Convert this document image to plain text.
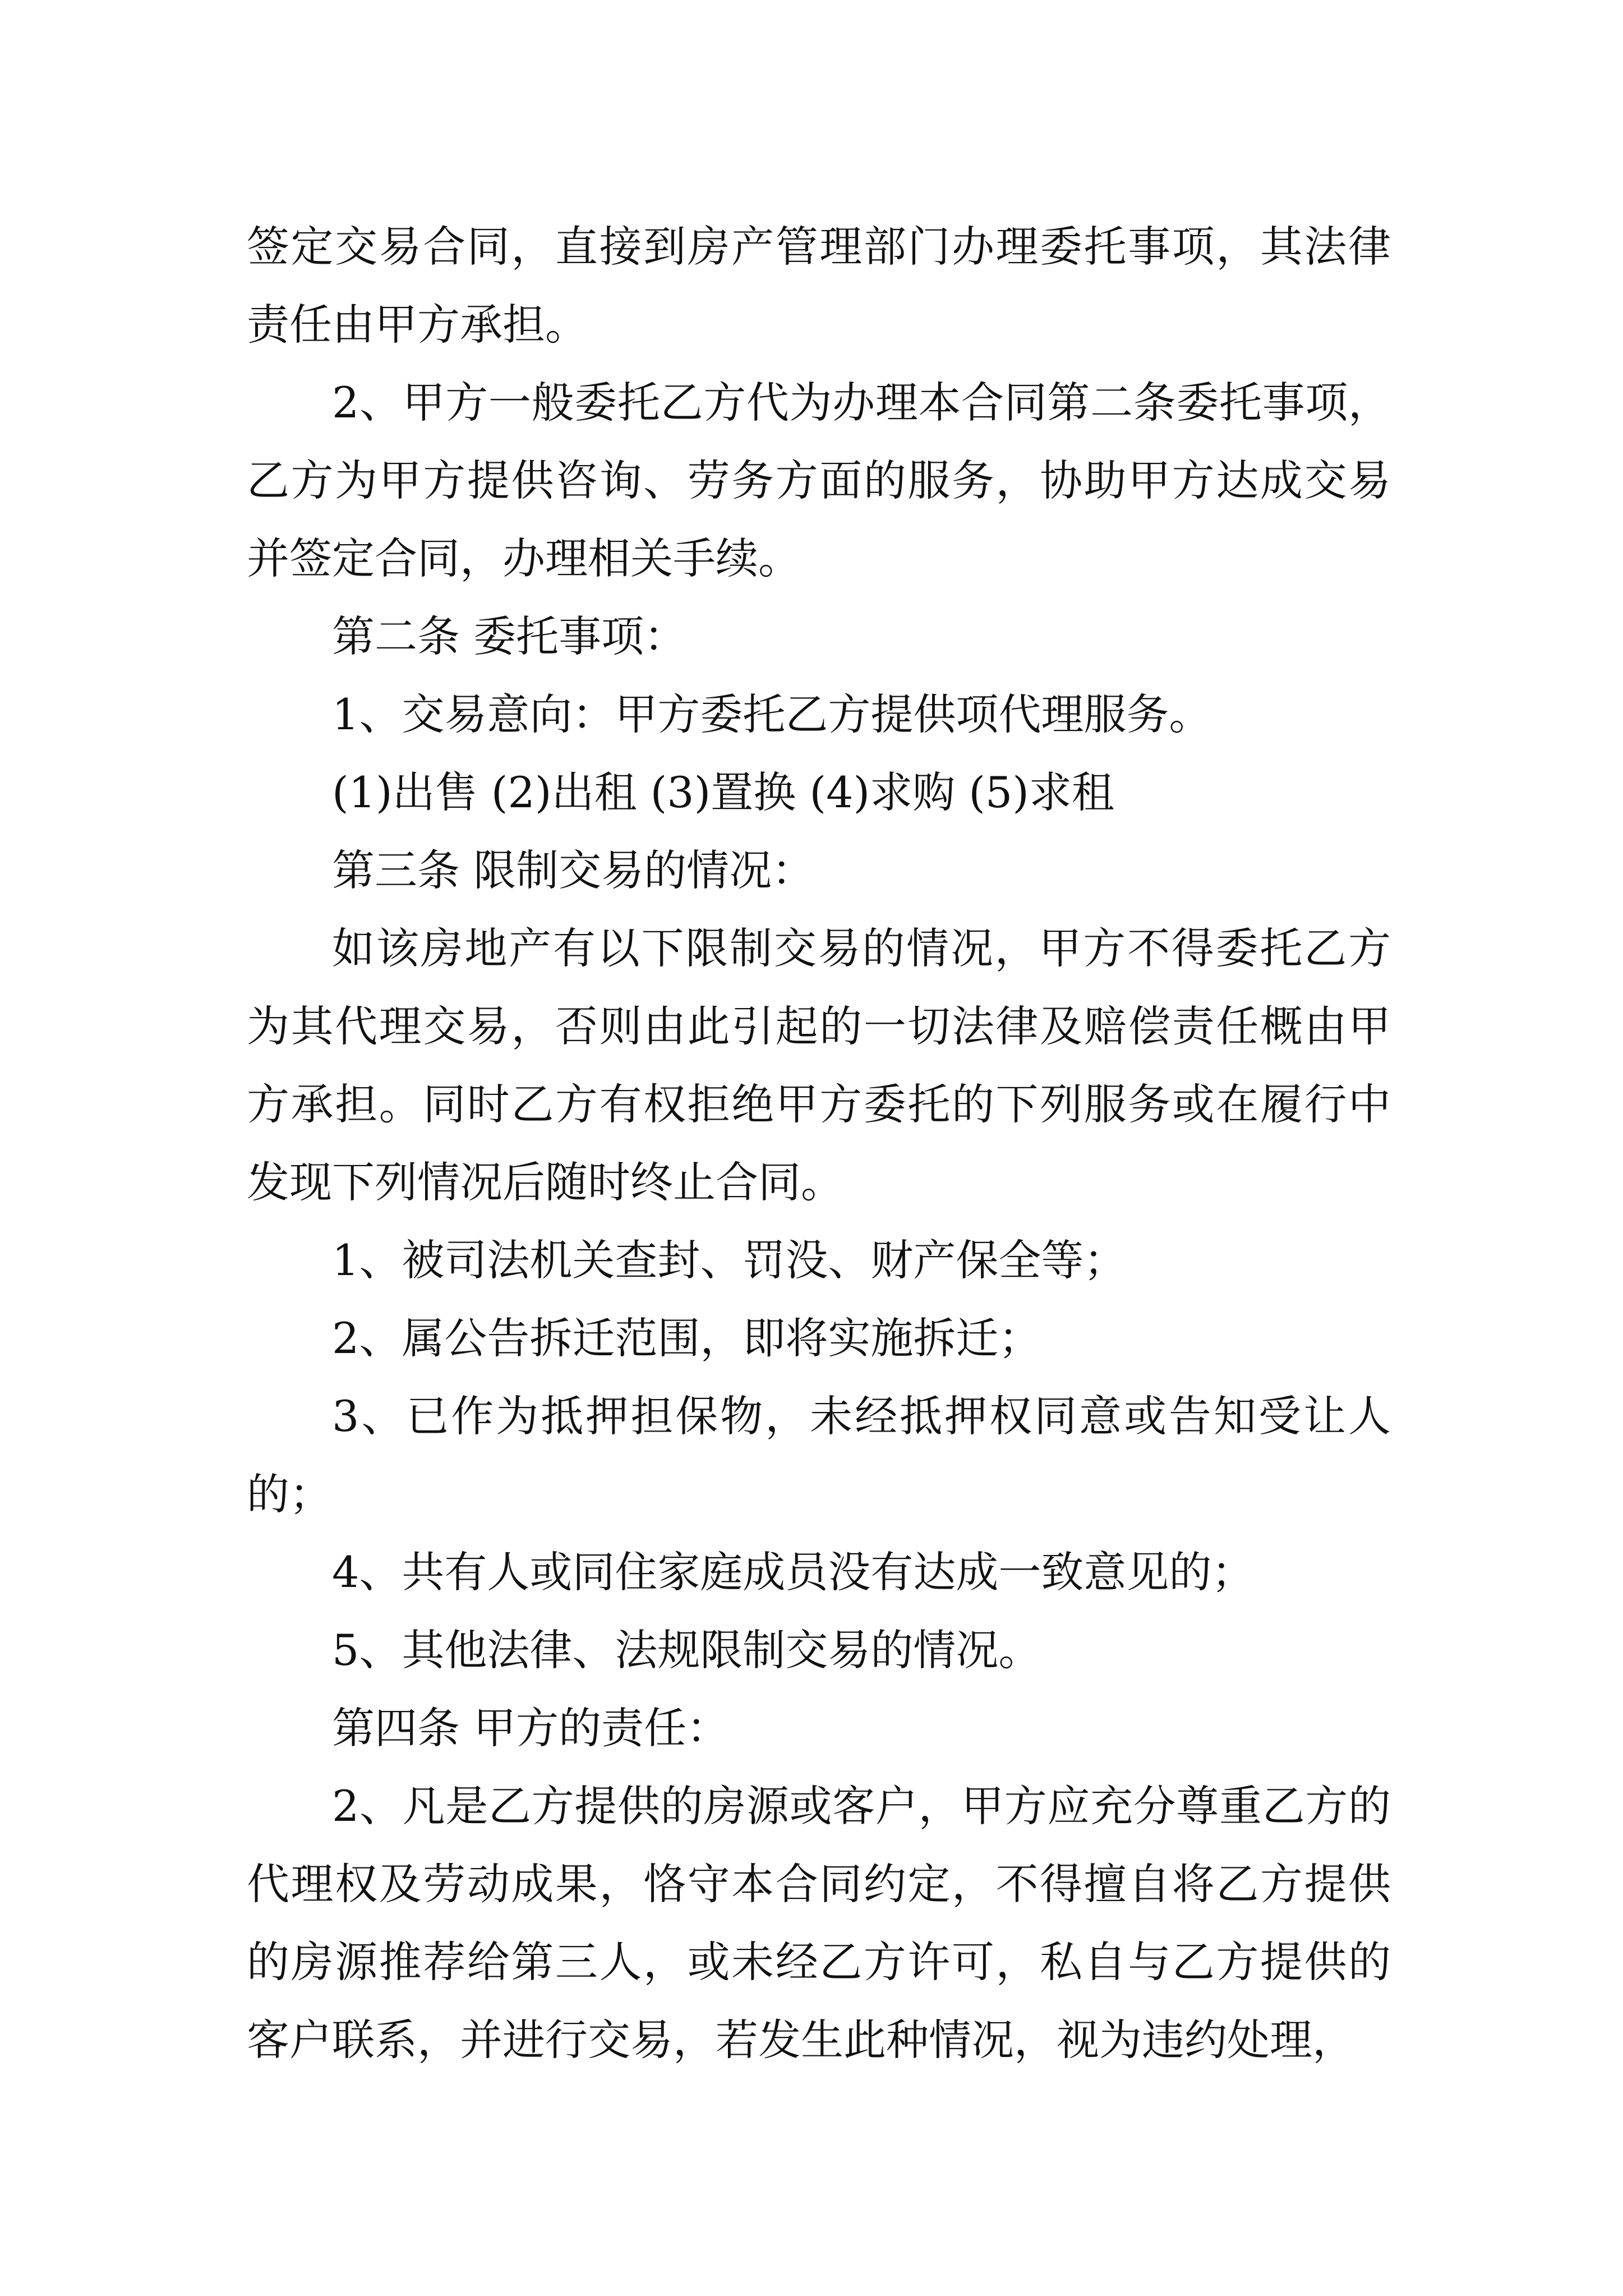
签定交易合同，直接到房产管理部门办理委托事项，其法律责任由甲方承担。

2、甲方一般委托乙方代为办理本合同第二条委托事项，乙方为甲方提供咨询、劳务方面的服务，协助甲方达成交易并签定合同，办理相关手续。

第二条 委托事项：

1、交易意向：甲方委托乙方提供项代理服务。

(1)出售 (2)出租 (3)置换 (4)求购 (5)求租

第三条 限制交易的情况：

如该房地产有以下限制交易的情况，甲方不得委托乙方为其代理交易，否则由此引起的一切法律及赔偿责任概由甲方承担。同时乙方有权拒绝甲方委托的下列服务或在履行中发现下列情况后随时终止合同。

1、被司法机关查封、罚没、财产保全等；

2、属公告拆迁范围，即将实施拆迁；

3、已作为抵押担保物，未经抵押权同意或告知受让人的；

4、共有人或同住家庭成员没有达成一致意见的；

5、其他法律、法规限制交易的情况。

第四条 甲方的责任：

2、凡是乙方提供的房源或客户，甲方应充分尊重乙方的代理权及劳动成果，恪守本合同约定，不得擅自将乙方提供的房源推荐给第三人，或未经乙方许可，私自与乙方提供的客户联系，并进行交易，若发生此种情况，视为违约处理，
